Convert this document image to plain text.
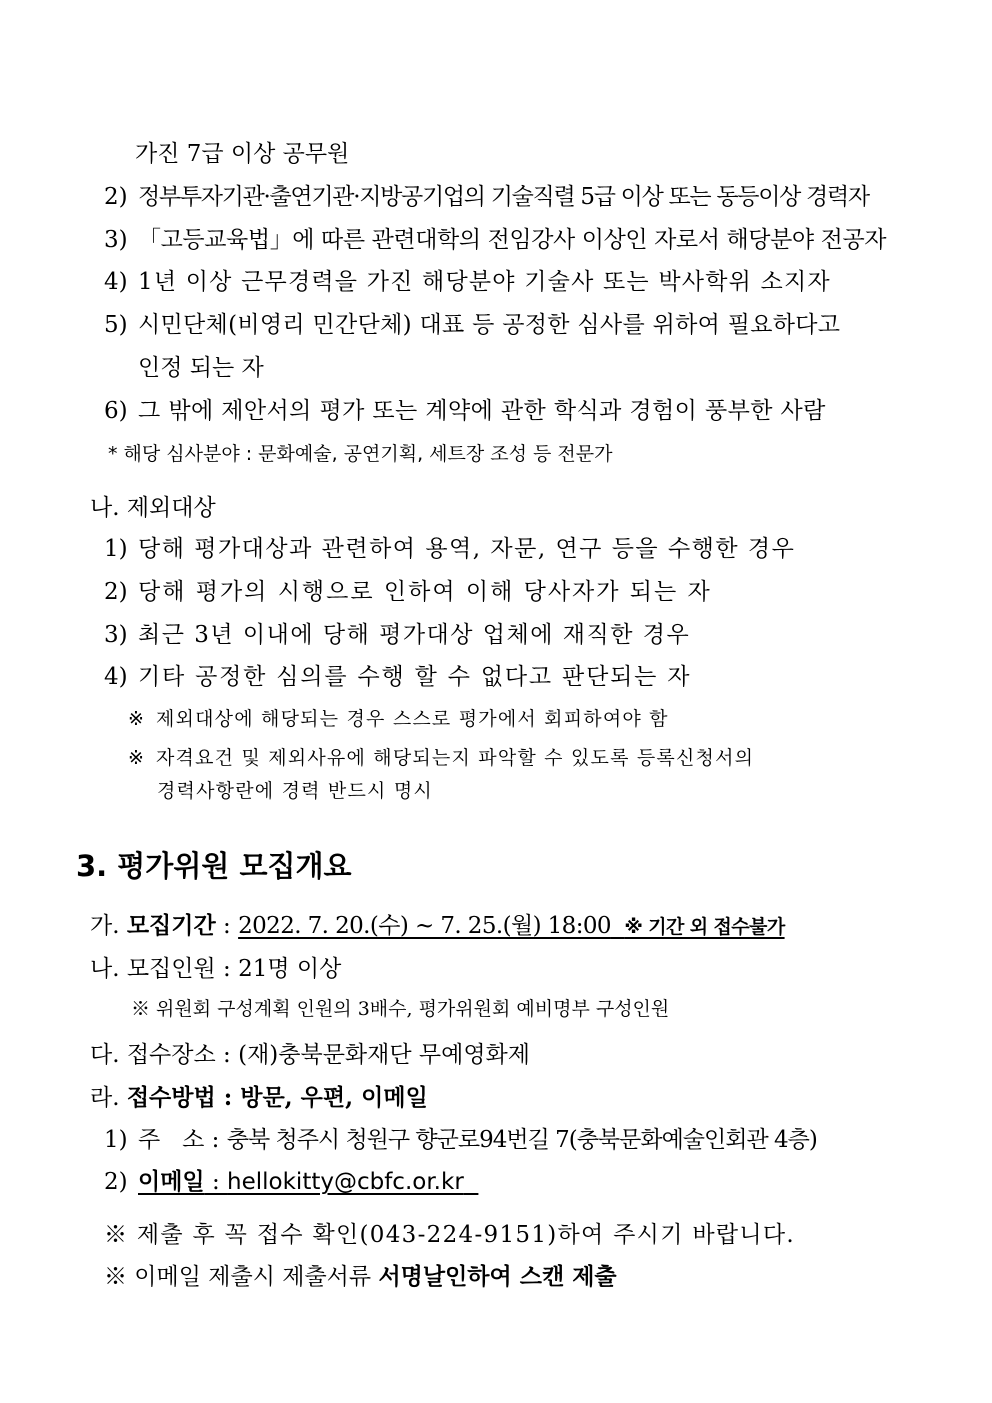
가진 7급 이상 공무원
2) 정부투자기관·출연기관·지방공기업의 기술직렬 5급 이상 또는 동등이상 경력자
3) 「고등교육법」에 따른 관련대학의 전임강사 이상인 자로서 해당분야 전공자
4) 1년 이상 근무경력을 가진 해당분야 기술사 또는 박사학위 소지자
5) 시민단체(비영리 민간단체) 대표 등 공정한 심사를 위하여 필요하다고
인정 되는 자
6) 그 밖에 제안서의 평가 또는 계약에 관한 학식과 경험이 풍부한 사람
* 해당 심사분야 : 문화예술, 공연기획, 세트장 조성 등 전문가
나. 제외대상
1) 당해 평가대상과 관련하여 용역, 자문, 연구 등을 수행한 경우
2) 당해 평가의 시행으로 인하여 이해 당사자가 되는 자
3) 최근 3년 이내에 당해 평가대상 업체에 재직한 경우
4) 기타 공정한 심의를 수행 할 수 없다고 판단되는 자
※ 제외대상에 해당되는 경우 스스로 평가에서 회피하여야 함
※ 자격요건 및 제외사유에 해당되는지 파악할 수 있도록 등록신청서의
경력사항란에 경력 반드시 명시
3. 평가위원 모집개요
가. 모집기간 : 2022. 7. 20.(수) ~ 7. 25.(월) 18:00 ※ 기간 외 접수불가
나. 모집인원 : 21명 이상
※ 위원회 구성계획 인원의 3배수, 평가위원회 예비명부 구성인원
다. 접수장소 : (재)충북문화재단 무예영화제
라. 접수방법 : 방문, 우편, 이메일
1) 주   소 : 충북 청주시 청원구 향군로94번길 7(충북문화예술인회관 4층)
2) 이메일 : hellokitty@cbfc.or.kr
※ 제출 후 꼭 접수 확인(043-224-9151)하여 주시기 바랍니다.
※ 이메일 제출시 제출서류 서명날인하여 스캔 제출
